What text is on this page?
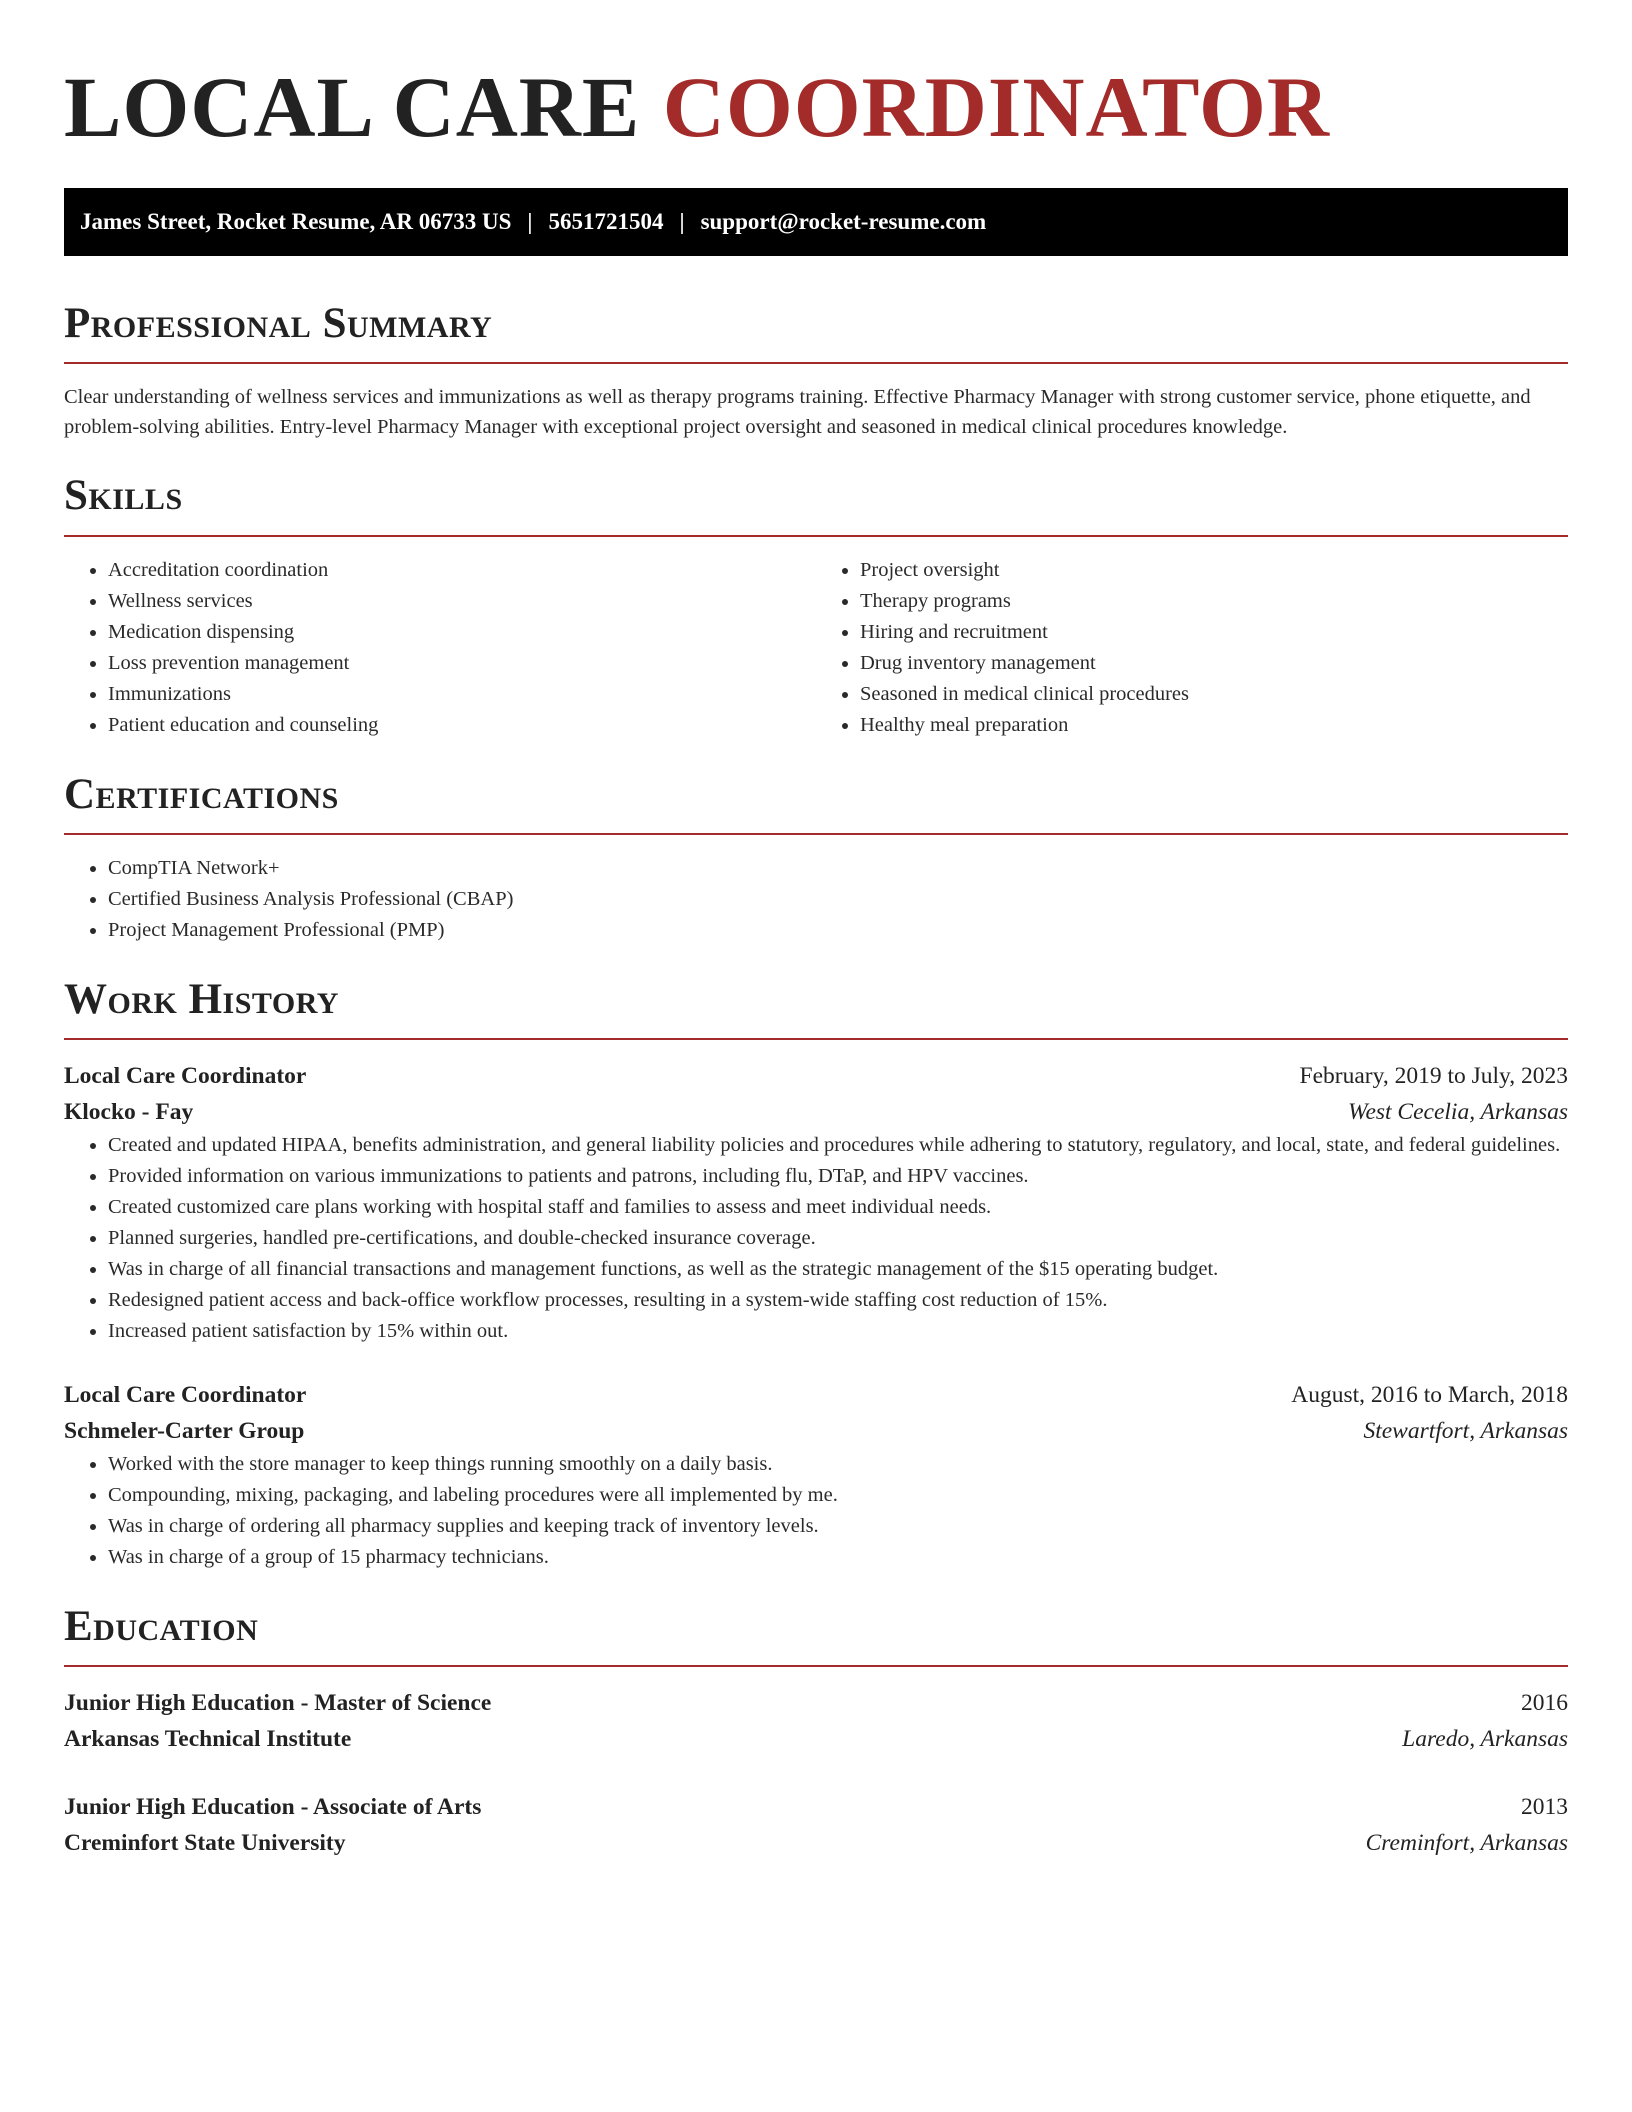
LOCAL CARE COORDINATOR
James Street, Rocket Resume, AR 06733 US | 5651721504 | support@rocket-resume.com
Professional Summary

Clear understanding of wellness services and immunizations as well as therapy programs training. Effective Pharmacy Manager with strong customer service, phone etiquette, and problem-solving abilities. Entry-level Pharmacy Manager with exceptional project oversight and seasoned in medical clinical procedures knowledge.

Skills
• Accreditation coordination
• Wellness services
• Medication dispensing
• Loss prevention management
• Immunizations
• Patient education and counseling
• Project oversight
• Therapy programs
• Hiring and recruitment
• Drug inventory management
• Seasoned in medical clinical procedures
• Healthy meal preparation
Certifications
• CompTIA Network+
• Certified Business Analysis Professional (CBAP)
• Project Management Professional (PMP)
Work History
Local Care Coordinator	February, 2019 to July, 2023
Klocko - Fay	West Cecelia, Arkansas
• Created and updated HIPAA, benefits administration, and general liability policies and procedures while adhering to statutory, regulatory, and local, state, and federal guidelines.
• Provided information on various immunizations to patients and patrons, including flu, DTaP, and HPV vaccines.
• Created customized care plans working with hospital staff and families to assess and meet individual needs.
• Planned surgeries, handled pre-certifications, and double-checked insurance coverage.
• Was in charge of all financial transactions and management functions, as well as the strategic management of the $15 operating budget.
• Redesigned patient access and back-office workflow processes, resulting in a system-wide staffing cost reduction of 15%.
• Increased patient satisfaction by 15% within out.
Local Care Coordinator	August, 2016 to March, 2018
Schmeler-Carter Group	Stewartfort, Arkansas
• Worked with the store manager to keep things running smoothly on a daily basis.
• Compounding, mixing, packaging, and labeling procedures were all implemented by me.
• Was in charge of ordering all pharmacy supplies and keeping track of inventory levels.
• Was in charge of a group of 15 pharmacy technicians.
Education
Junior High Education - Master of Science	2016
Arkansas Technical Institute	Laredo, Arkansas
Junior High Education - Associate of Arts	2013
Creminfort State University	Creminfort, Arkansas
